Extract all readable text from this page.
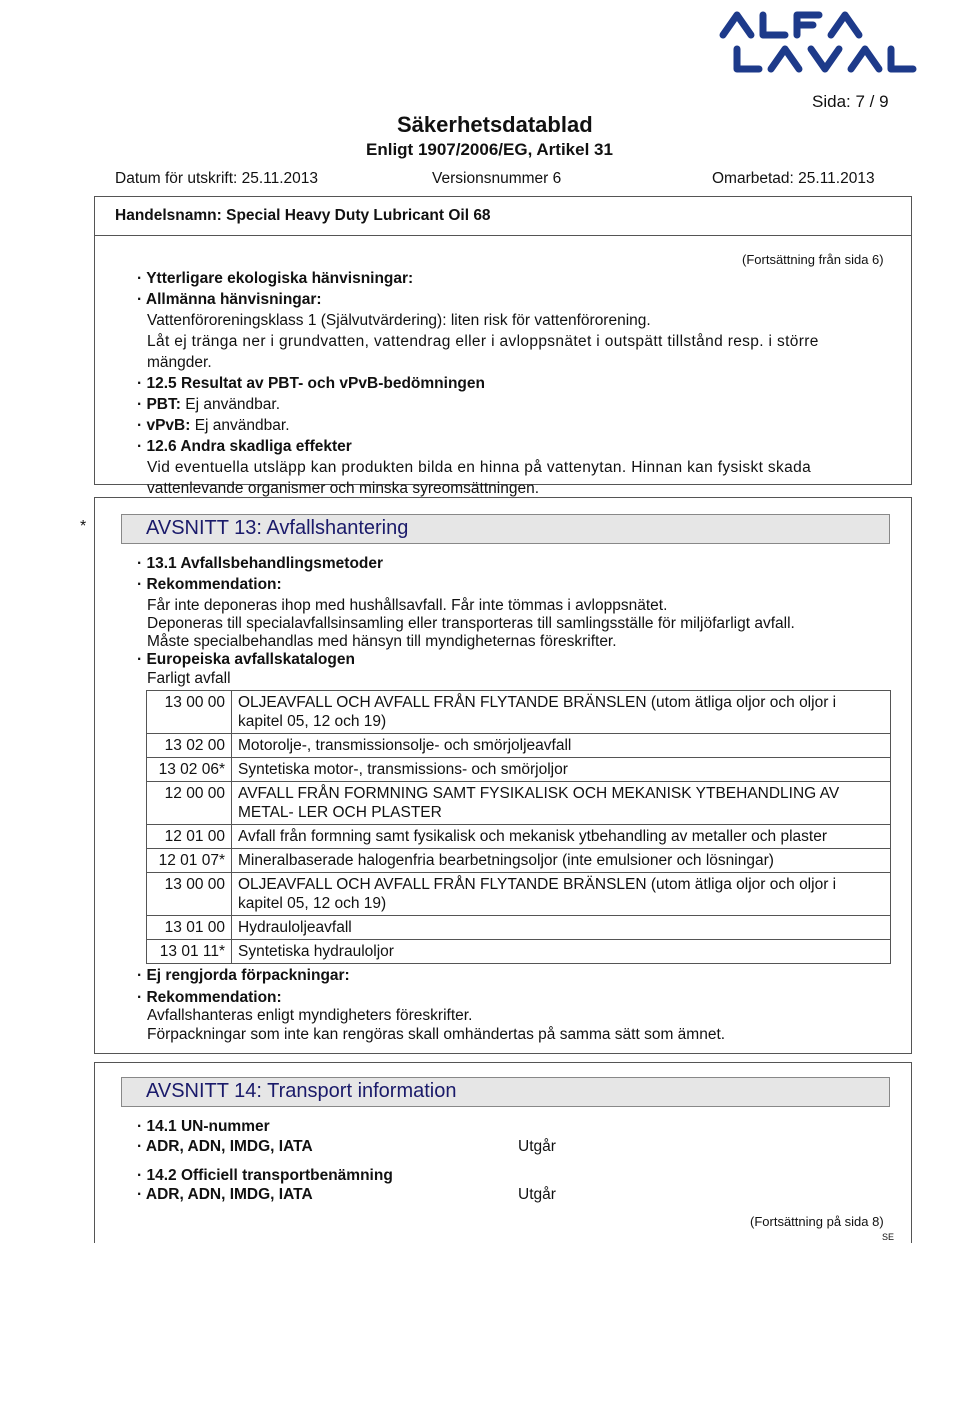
Sida: 7 / 9
Säkerhetsdatablad
Enligt 1907/2006/EG, Artikel 31
Datum för utskrift: 25.11.2013	Versionsnummer 6	Omarbetad: 25.11.2013
Handelsnamn: Special Heavy Duty Lubricant Oil 68
(Fortsättning från sida 6)
· Ytterligare ekologiska hänvisningar:
· Allmänna hänvisningar:
Vattenföroreningsklass 1 (Självutvärdering): liten risk för vattenförorening.
Låt ej tränga ner i grundvatten, vattendrag eller i avloppsnätet i outspätt tillstånd resp. i större
mängder.
· 12.5 Resultat av PBT- och vPvB-bedömningen
· PBT: Ej användbar.
· vPvB: Ej användbar.
· 12.6 Andra skadliga effekter
Vid eventuella utsläpp kan produkten bilda en hinna på vattenytan. Hinnan kan fysiskt skada
vattenlevande organismer och minska syreomsättningen.
*	AVSNITT 13: Avfallshantering
· 13.1 Avfallsbehandlingsmetoder
· Rekommendation:
Får inte deponeras ihop med hushållsavfall. Får inte tömmas i avloppsnätet.
Deponeras till specialavfallsinsamling eller transporteras till samlingsställe för miljöfarligt avfall.
Måste specialbehandlas med hänsyn till myndigheternas föreskrifter.
· Europeiska avfallskatalogen
Farligt avfall
13 00 00	OLJEAVFALL OCH AVFALL FRÅN FLYTANDE BRÄNSLEN (utom ätliga oljor och oljor i kapitel 05, 12 och 19)
13 02 00	Motorolje-, transmissionsolje- och smörjoljeavfall
13 02 06*	Syntetiska motor-, transmissions- och smörjoljor
12 00 00	AVFALL FRÅN FORMNING SAMT FYSIKALISK OCH MEKANISK YTBEHANDLING AV METAL- LER OCH PLASTER
12 01 00	Avfall från formning samt fysikalisk och mekanisk ytbehandling av metaller och plaster
12 01 07*	Mineralbaserade halogenfria bearbetningsoljor (inte emulsioner och lösningar)
13 00 00	OLJEAVFALL OCH AVFALL FRÅN FLYTANDE BRÄNSLEN (utom ätliga oljor och oljor i kapitel 05, 12 och 19)
13 01 00	Hydrauloljeavfall
13 01 11*	Syntetiska hydrauloljor
· Ej rengjorda förpackningar:
· Rekommendation:
Avfallshanteras enligt myndigheters föreskrifter.
Förpackningar som inte kan rengöras skall omhändertas på samma sätt som ämnet.
AVSNITT 14: Transport information
· 14.1 UN-nummer
· ADR, ADN, IMDG, IATA	Utgår
· 14.2 Officiell transportbenämning
· ADR, ADN, IMDG, IATA	Utgår
(Fortsättning på sida 8)
SE
